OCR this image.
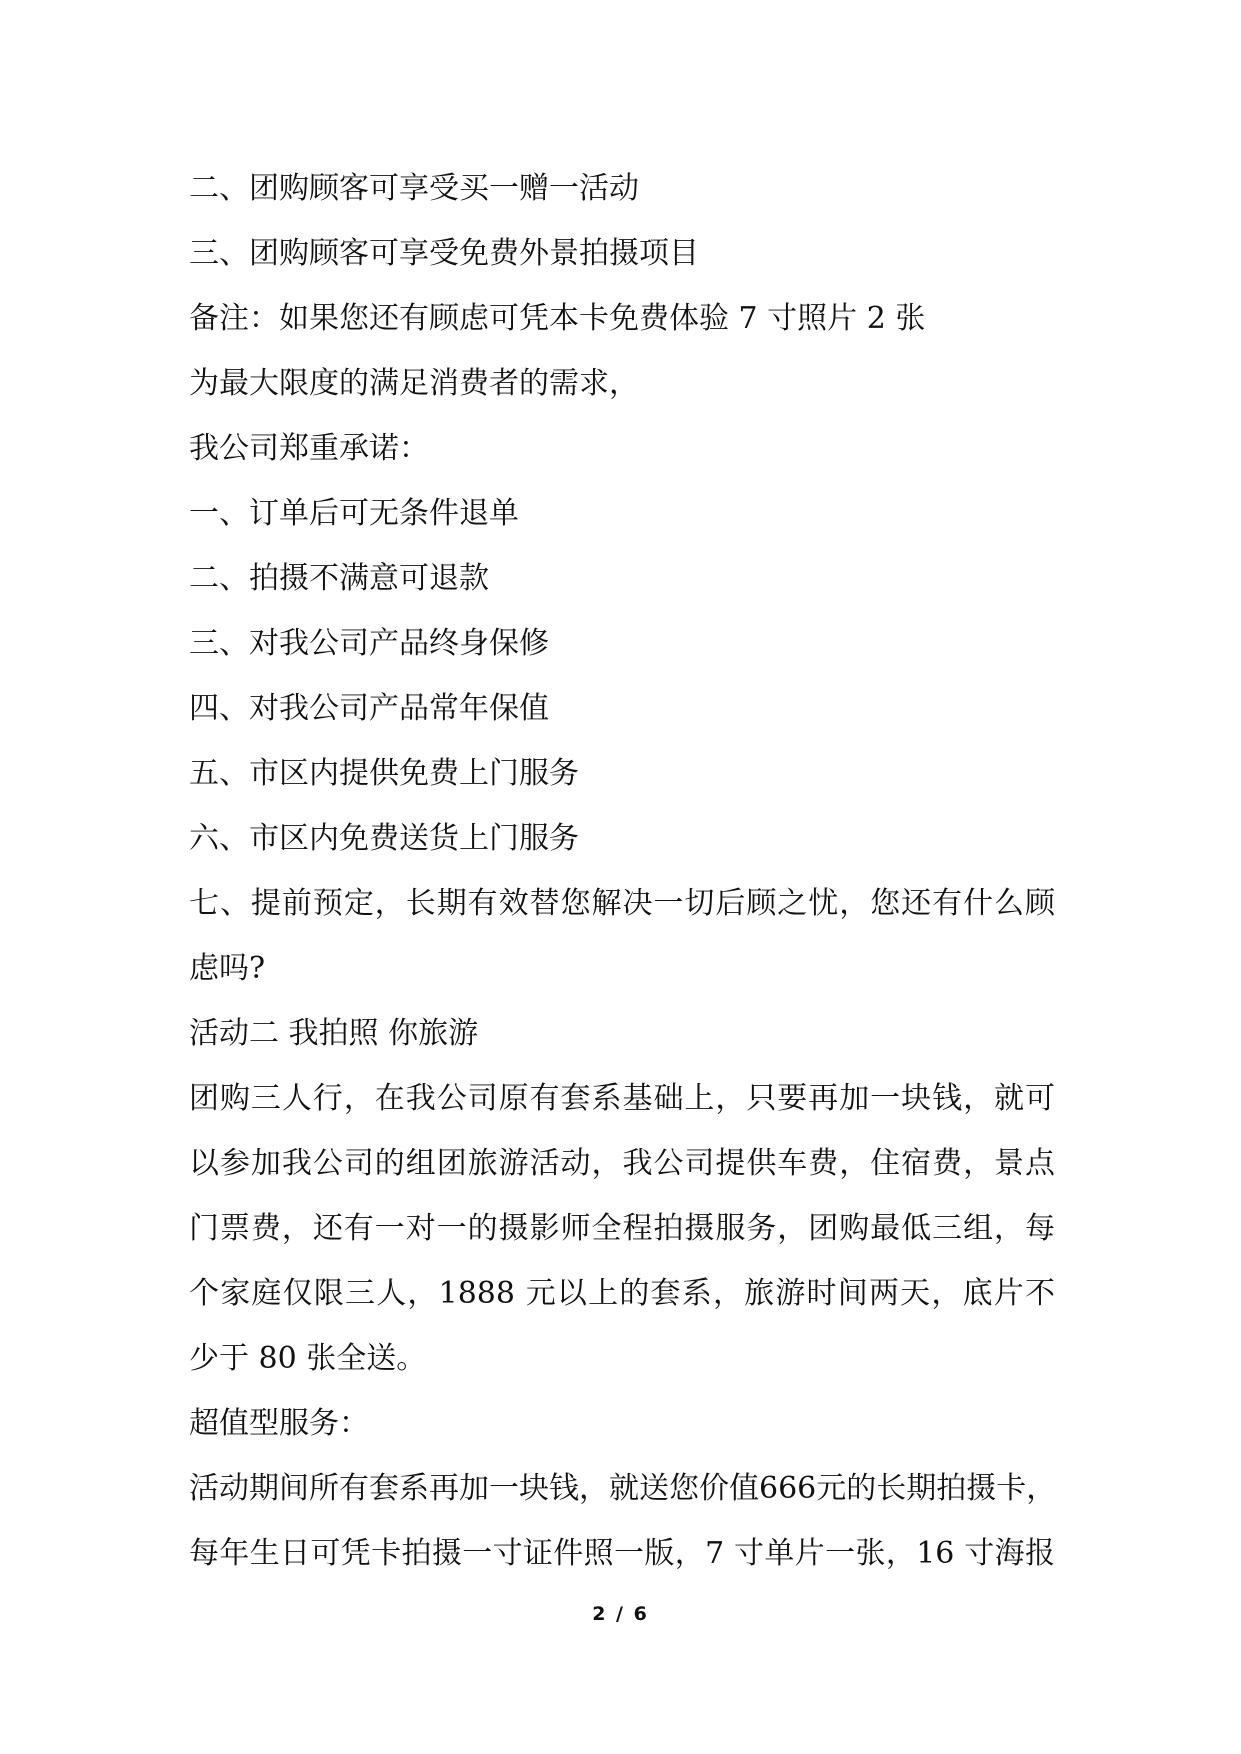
二、团购顾客可享受买一赠一活动
三、团购顾客可享受免费外景拍摄项目
备注：如果您还有顾虑可凭本卡免费体验 7 寸照片 2 张
为最大限度的满足消费者的需求，
我公司郑重承诺：
一、订单后可无条件退单
二、拍摄不满意可退款
三、对我公司产品终身保修
四、对我公司产品常年保值
五、市区内提供免费上门服务
六、市区内免费送货上门服务
七、提前预定，长期有效替您解决一切后顾之忧，您还有什么顾
虑吗?
活动二 我拍照 你旅游
团购三人行，在我公司原有套系基础上，只要再加一块钱，就可
以参加我公司的组团旅游活动，我公司提供车费，住宿费，景点
门票费，还有一对一的摄影师全程拍摄服务，团购最低三组，每
个家庭仅限三人，1888 元以上的套系，旅游时间两天，底片不
少于 80 张全送。
超值型服务：
活动期间所有套系再加一块钱，就送您价值666元的长期拍摄卡，
每年生日可凭卡拍摄一寸证件照一版，7 寸单片一张，16 寸海报
2 / 6
